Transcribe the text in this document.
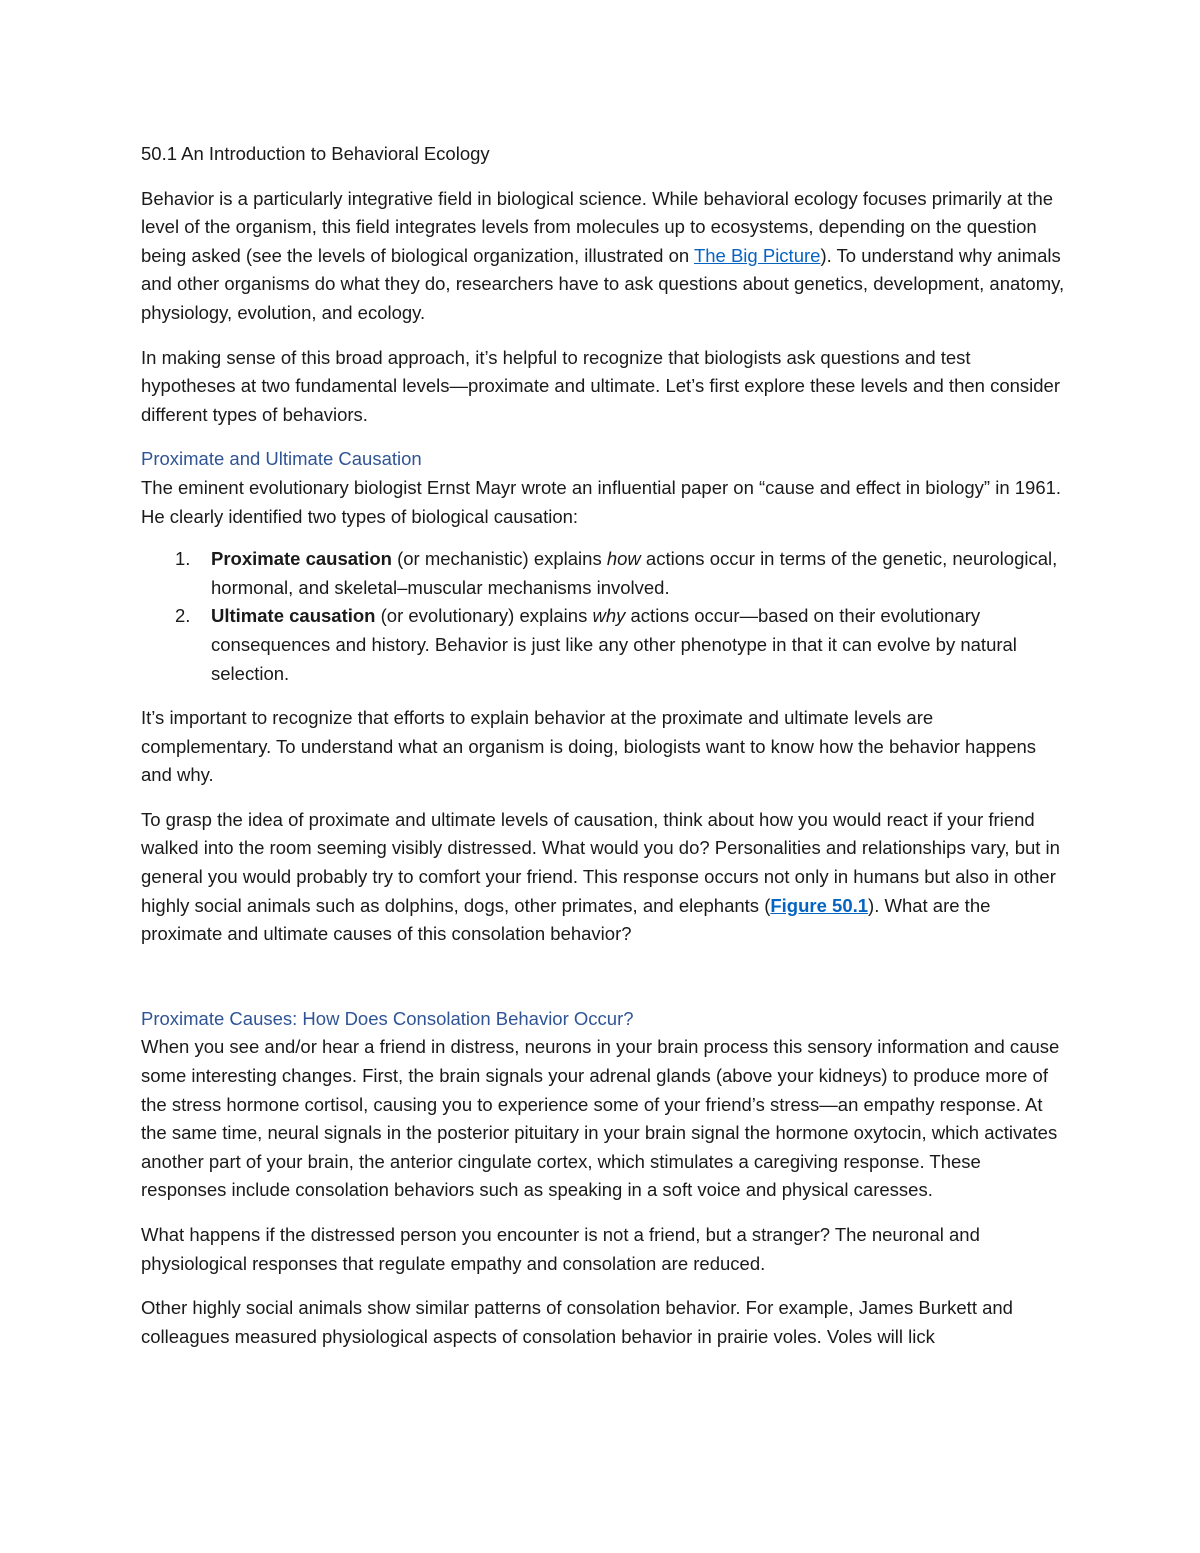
50.1 An Introduction to Behavioral Ecology

Behavior is a particularly integrative field in biological science. While behavioral ecology focuses primarily at the level of the organism, this field integrates levels from molecules up to ecosystems, depending on the question being asked (see the levels of biological organization, illustrated on The Big Picture). To understand why animals and other organisms do what they do, researchers have to ask questions about genetics, development, anatomy, physiology, evolution, and ecology.

In making sense of this broad approach, it’s helpful to recognize that biologists ask questions and test hypotheses at two fundamental levels—proximate and ultimate. Let’s first explore these levels and then consider different types of behaviors.

Proximate and Ultimate Causation

The eminent evolutionary biologist Ernst Mayr wrote an influential paper on “cause and effect in biology” in 1961. He clearly identified two types of biological causation:

1. Proximate causation (or mechanistic) explains how actions occur in terms of the genetic, neurological, hormonal, and skeletal–muscular mechanisms involved.
2. Ultimate causation (or evolutionary) explains why actions occur—based on their evolutionary consequences and history. Behavior is just like any other phenotype in that it can evolve by natural selection.

It’s important to recognize that efforts to explain behavior at the proximate and ultimate levels are complementary. To understand what an organism is doing, biologists want to know how the behavior happens and why.

To grasp the idea of proximate and ultimate levels of causation, think about how you would react if your friend walked into the room seeming visibly distressed. What would you do? Personalities and relationships vary, but in general you would probably try to comfort your friend. This response occurs not only in humans but also in other highly social animals such as dolphins, dogs, other primates, and elephants (Figure 50.1). What are the proximate and ultimate causes of this consolation behavior?

Proximate Causes: How Does Consolation Behavior Occur?

When you see and/or hear a friend in distress, neurons in your brain process this sensory information and cause some interesting changes. First, the brain signals your adrenal glands (above your kidneys) to produce more of the stress hormone cortisol, causing you to experience some of your friend’s stress—an empathy response. At the same time, neural signals in the posterior pituitary in your brain signal the hormone oxytocin, which activates another part of your brain, the anterior cingulate cortex, which stimulates a caregiving response. These responses include consolation behaviors such as speaking in a soft voice and physical caresses.

What happens if the distressed person you encounter is not a friend, but a stranger? The neuronal and physiological responses that regulate empathy and consolation are reduced.

Other highly social animals show similar patterns of consolation behavior. For example, James Burkett and colleagues measured physiological aspects of consolation behavior in prairie voles. Voles will lick
